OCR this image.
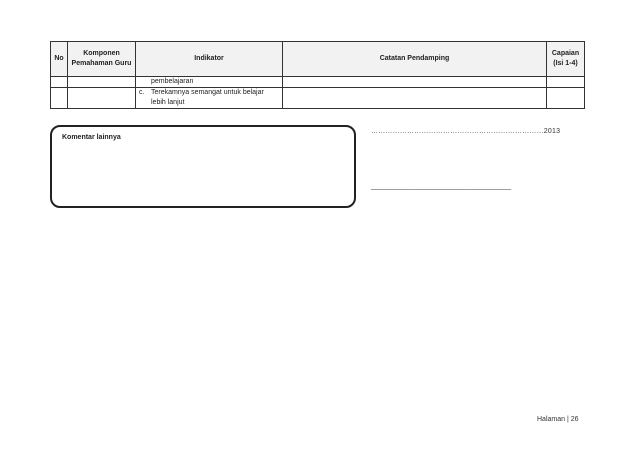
No	Komponen Pemahaman Guru	Indikator	Catatan Pendamping	Capaian (Isi 1-4)

		pembelajaran		

		c. Terekamnya semangat untuk belajar lebih lanjut		

Komentar lainnya
………………………………………………………………2013
____________________________________
Halaman | 26
